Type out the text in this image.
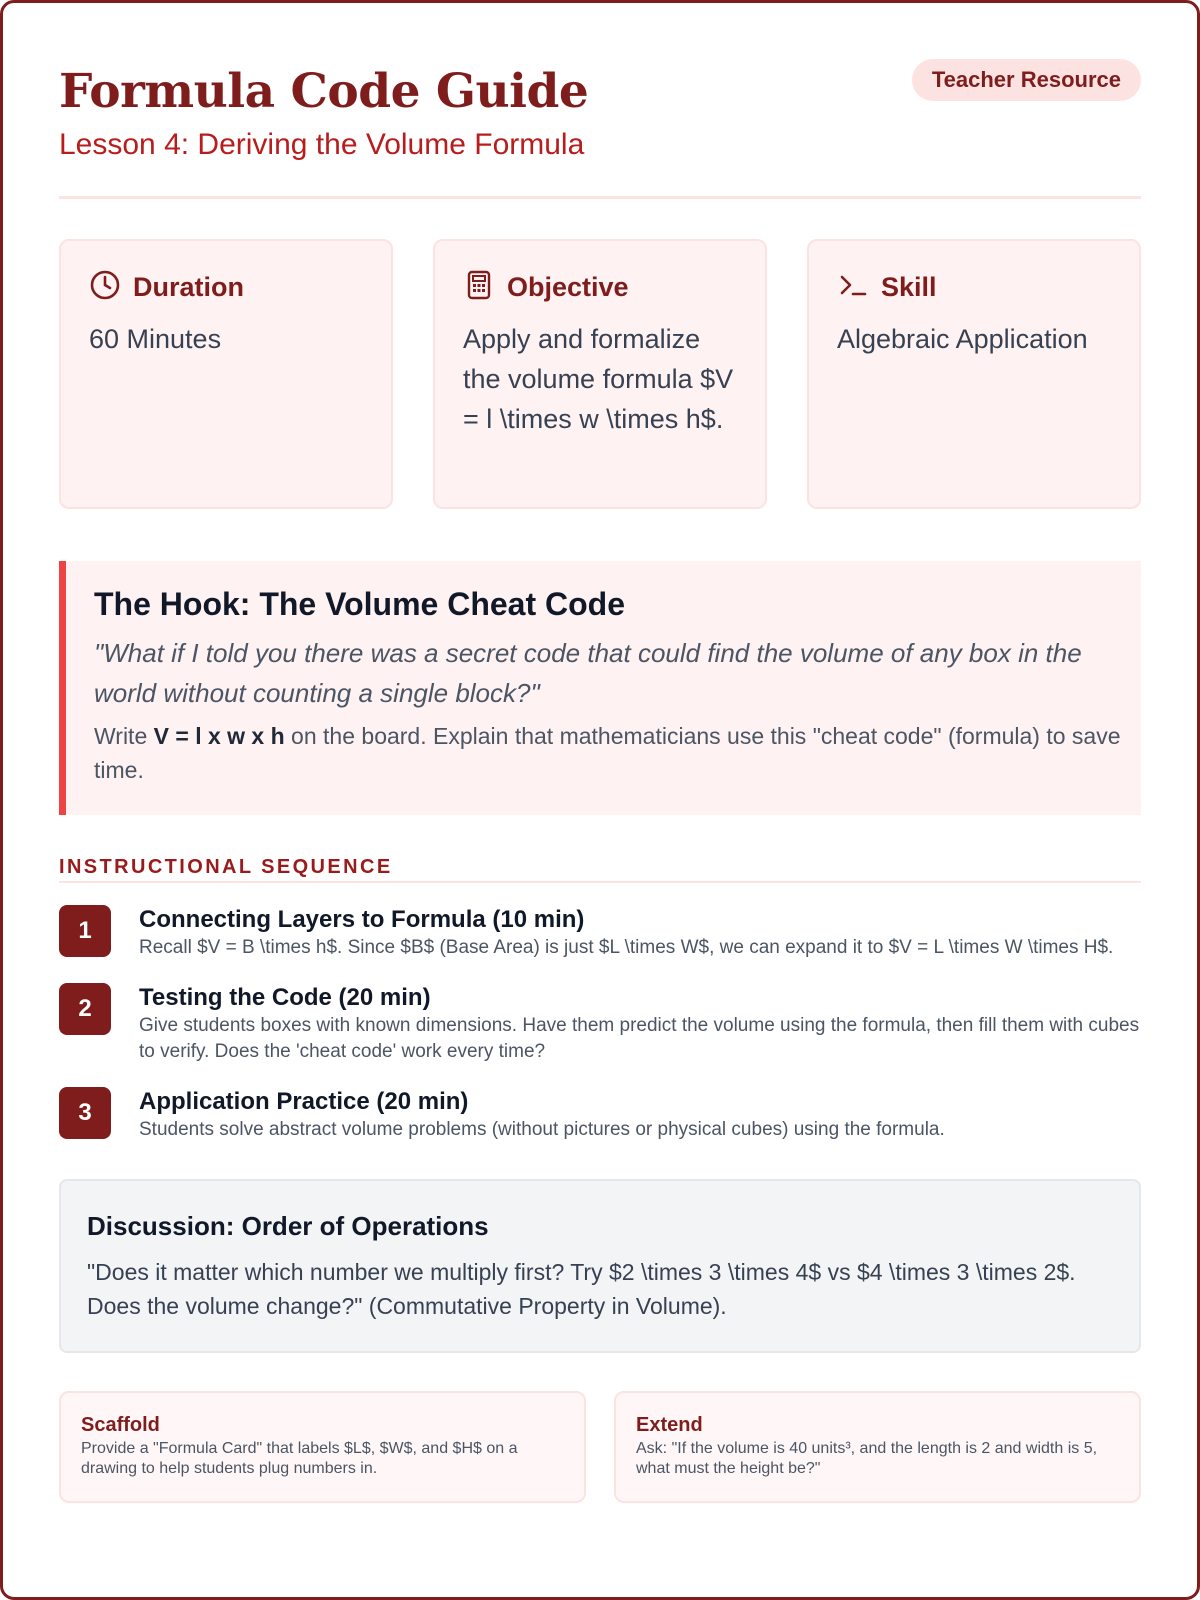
Formula Code Guide
Lesson 4: Deriving the Volume Formula
Teacher Resource
Duration
60 Minutes
Objective
Apply and formalize the volume formula $V = l \times w \times h$.
Skill
Algebraic Application
The Hook: The Volume Cheat Code
"What if I told you there was a secret code that could find the volume of any box in the world without counting a single block?"
Write V = l x w x h on the board. Explain that mathematicians use this "cheat code" (formula) to save time.
INSTRUCTIONAL SEQUENCE
1	Connecting Layers to Formula (10 min)
Recall $V = B \times h$. Since $B$ (Base Area) is just $L \times W$, we can expand it to $V = L \times W \times H$.
2	Testing the Code (20 min)
Give students boxes with known dimensions. Have them predict the volume using the formula, then fill them with cubes to verify. Does the 'cheat code' work every time?
3	Application Practice (20 min)
Students solve abstract volume problems (without pictures or physical cubes) using the formula.
Discussion: Order of Operations
"Does it matter which number we multiply first? Try $2 \times 3 \times 4$ vs $4 \times 3 \times 2$. Does the volume change?" (Commutative Property in Volume).
Scaffold
Provide a "Formula Card" that labels $L$, $W$, and $H$ on a drawing to help students plug numbers in.
Extend
Ask: "If the volume is 40 units³, and the length is 2 and width is 5, what must the height be?"
